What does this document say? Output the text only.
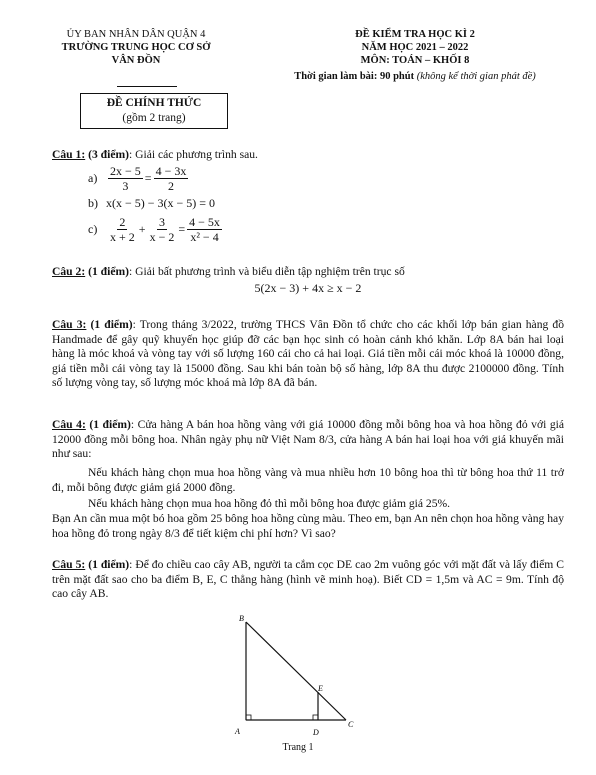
ỦY BAN NHÂN DÂN QUẬN 4
TRƯỜNG TRUNG HỌC CƠ SỞ
VÂN ĐỒN
ĐỀ KIỂM TRA HỌC KÌ 2
NĂM HỌC 2021 – 2022
MÔN: TOÁN – KHỐI 8
Thời gian làm bài: 90 phút (không kể thời gian phát đề)
ĐỀ CHÍNH THỨC
(gồm 2 trang)
Câu 1: (3 điểm): Giải các phương trình sau.
$a) \frac{2x - 5}{3} = \frac{4 - 3x}{2}$
b) x(x − 5) − 3(x − 5) = 0
$c) \frac{2}{x + 2} + \frac{3}{x - 2} = \frac{4 - 5x}{\text{x² − 4}}$
Câu 2: (1 điểm): Giải bất phương trình và biểu diễn tập nghiệm trên trục số
5(2x − 3) + 4x ≥ x − 2
Câu 3: (1 điểm): Trong tháng 3/2022, trường THCS Vân Đồn tổ chức cho các khối lớp bán gian hàng đồ Handmade để gây quỹ khuyến học giúp đỡ các bạn học sinh có hoàn cảnh khó khăn. Lớp 8A bán hai loại hàng là móc khoá và vòng tay với số lượng 160 cái cho cả hai loại. Giá tiền mỗi cái móc khoá là 10000 đồng, giá tiền mỗi cái vòng tay là 15000 đồng. Sau khi bán toàn bộ số hàng, lớp 8A thu được 2100000 đồng. Tính số lượng vòng tay, số lượng móc khoá mà lớp 8A đã bán.
Câu 4: (1 điểm): Cửa hàng A bán hoa hồng vàng với giá 10000 đồng mỗi bông hoa và hoa hồng đỏ với giá 12000 đồng mỗi bông hoa. Nhân ngày phụ nữ Việt Nam 8/3, cửa hàng A bán hai loại hoa với giá khuyến mãi như sau:
Nếu khách hàng chọn mua hoa hồng vàng và mua nhiều hơn 10 bông hoa thì từ bông hoa thứ 11 trở đi, mỗi bông được giảm giá 2000 đồng.
Nếu khách hàng chọn mua hoa hồng đỏ thì mỗi bông hoa được giảm giá 25%.
Bạn An cần mua một bó hoa gồm 25 bông hoa hồng cùng màu. Theo em, bạn An nên chọn hoa hồng vàng hay hoa hồng đỏ trong ngày 8/3 để tiết kiệm chi phí hơn? Vì sao?
Câu 5: (1 điểm): Để đo chiều cao cây AB, người ta cắm cọc DE cao 2m vuông góc với mặt đất và lấy điểm C trên mặt đất sao cho ba điểm B, E, C thẳng hàng (hình vẽ minh hoạ). Biết CD = 1,5m và AC = 9m. Tính độ cao cây AB.
B
E
A	D
C
Trang 1
